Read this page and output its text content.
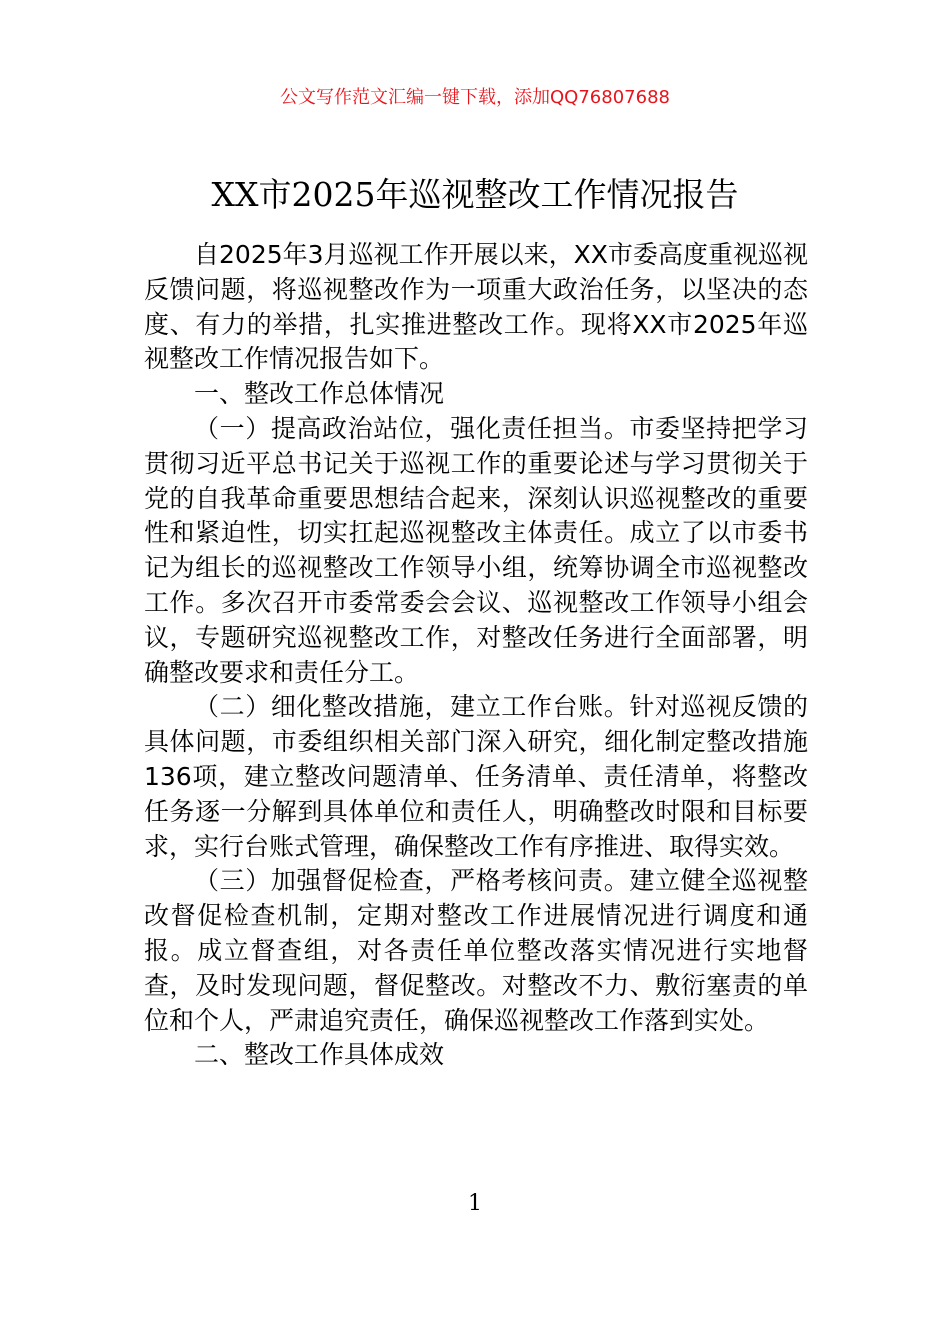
公文写作范文汇编一键下载，添加QQ76807688
XX市2025年巡视整改工作情况报告

自2025年3月巡视工作开展以来，XX市委高度重视巡视反馈问题，将巡视整改作为一项重大政治任务，以坚决的态度、有力的举措，扎实推进整改工作。现将XX市2025年巡视整改工作情况报告如下。

一、整改工作总体情况

（一）提高政治站位，强化责任担当。市委坚持把学习贯彻习近平总书记关于巡视工作的重要论述与学习贯彻关于党的自我革命重要思想结合起来，深刻认识巡视整改的重要性和紧迫性，切实扛起巡视整改主体责任。成立了以市委书记为组长的巡视整改工作领导小组，统筹协调全市巡视整改工作。多次召开市委常委会会议、巡视整改工作领导小组会议，专题研究巡视整改工作，对整改任务进行全面部署，明确整改要求和责任分工。

（二）细化整改措施，建立工作台账。针对巡视反馈的具体问题，市委组织相关部门深入研究，细化制定整改措施136项，建立整改问题清单、任务清单、责任清单，将整改任务逐一分解到具体单位和责任人，明确整改时限和目标要求，实行台账式管理，确保整改工作有序推进、取得实效。

（三）加强督促检查，严格考核问责。建立健全巡视整改督促检查机制，定期对整改工作进展情况进行调度和通报。成立督查组，对各责任单位整改落实情况进行实地督查，及时发现问题，督促整改。对整改不力、敷衍塞责的单位和个人，严肃追究责任，确保巡视整改工作落到实处。

二、整改工作具体成效

1
